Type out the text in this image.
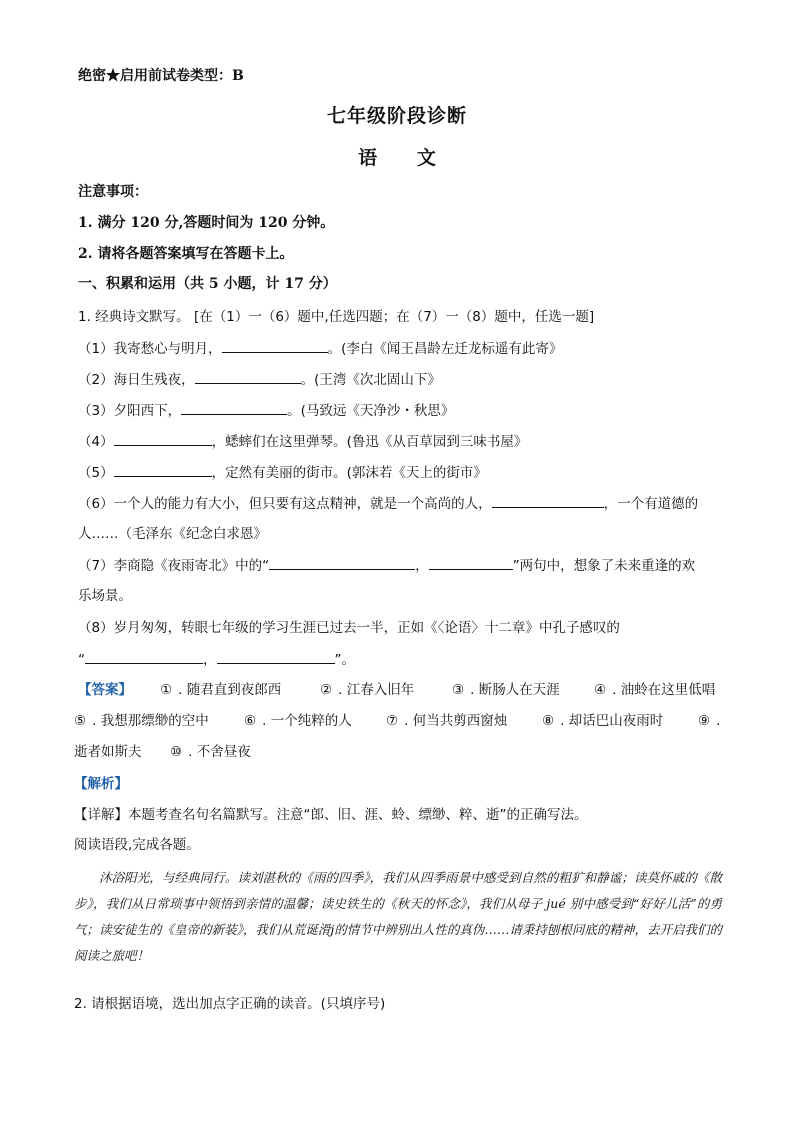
绝密★启用前试卷类型：B
七年级阶段诊断
语      文
注意事项：
1. 满分 120 分,答题时间为 120 分钟。
2. 请将各题答案填写在答题卡上。
一、积累和运用（共 5 小题，计 17 分）
1. 经典诗文默写。 [在（1）一（6）题中,任选四题；在（7）一（8）题中，任选一题]
（1）我寄愁心与明月，	。(李白《闻王昌龄左迁龙标遥有此寄》
（2）海日生残夜，	。(王湾《次北固山下》
（3）夕阳西下，	。(马致远《天净沙・秋思》
（4）	，蟋蟀们在这里弹琴。(鲁迅《从百草园到三味书屋》
（5）	，定然有美丽的街市。(郭沫若《天上的街市》
（6）一个人的能力有大小，但只要有这点精神，就是一个高尚的人，	，一个有道德的
人……（毛泽东《纪念白求恩》
（7）李商隐《夜雨寄北》中的“	，	”两句中，想象了未来重逢的欢
乐场景。
（8）岁月匆匆，转眼七年级的学习生涯已过去一半，正如《〈论语〉十二章》中孔子感叹的
“	，	”。
【答案】 ① . 随君直到夜郎西	② . 江春入旧年	③ . 断肠人在天涯	④ . 油蛉在这里低唱
⑤ . 我想那缥缈的空中	⑥ . 一个纯粹的人	⑦ . 何当共剪西窗烛	⑧ . 却话巴山夜雨时	⑨ .
逝者如斯夫 ⑩ . 不舍昼夜
【解析】
【详解】本题考查名句名篇默写。注意“郎、旧、涯、蛉、缥缈、粹、逝”的正确写法。
阅读语段,完成各题。
沐浴阳光，与经典同行。读刘湛秋的《雨的四季》，我们从四季雨景中感受到自然的粗犷和静谧；读莫怀戚的《散步》，我们从日常琐事中领悟到亲情的温馨；读史铁生的《秋天的怀念》，我们从母子 jué 别中感受到“好好儿活”的勇气；读安徒生的《皇帝的新装》，我们从荒诞滑j的情节中辨别出人性的真伪……请秉持刨根问底的精神，去开启我们的阅读之旅吧！
2. 请根据语境，选出加点字正确的读音。(只填序号)
